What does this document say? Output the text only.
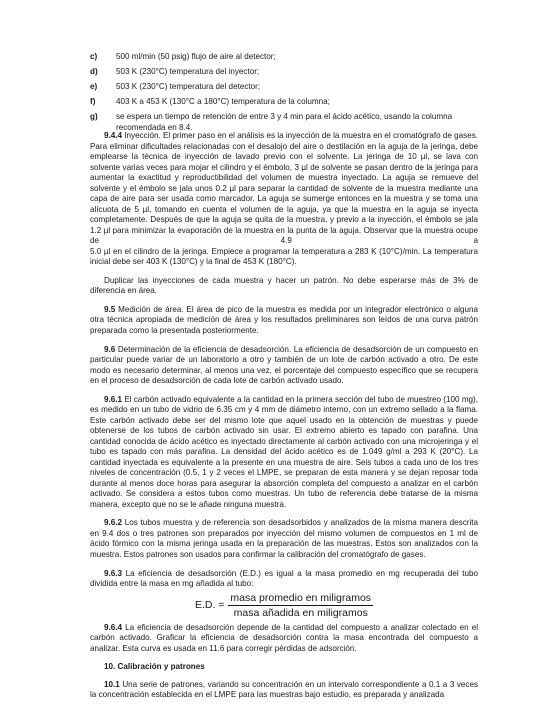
c)	500 ml/min (50 psig) flujo de aire al detector;
d)	503 K (230°C) temperatura del inyector;
e)	503 K (230°C) temperatura del detector;
f)	403 K a 453 K (130°C a 180°C) temperatura de la columna;
g)	se espera un tiempo de retención de entre 3 y 4 min para el ácido acético, usando la columna recomendada en 8.4.

9.4.4 Inyección. El primer paso en el análisis es la inyección de la muestra en el cromatógrafo de gases. Para eliminar dificultades relacionadas con el desalojo del aire o destilación en la aguja de la jeringa, debe emplearse la técnica de inyección de lavado previo con el solvente. La jeringa de 10 µl, se lava con solvente varias veces para mojar el cilindro y el émbolo, 3 µl de solvente se pasan dentro de la jeringa para aumentar la exactitud y reproductibilidad del volumen de muestra inyectado. La aguja se remueve del solvente y el émbolo se jala unos 0.2 µl para separar la cantidad de solvente de la muestra mediante una capa de aire para ser usada como marcador. La aguja se sumerge entonces en la muestra y se toma una alícuota de 5 µl, tomando en cuenta el volumen de la aguja, ya que la muestra en la aguja se inyecta completamente. Después de que la aguja se quita de la muestra, y previo a la inyección, el émbolo se jala 1.2 µl para minimizar la evaporación de la muestra en la punta de la aguja. Observar que la muestra ocupe de 4.9 a

5.0 µl en el cilindro de la jeringa. Empiece a programar la temperatura a 283 K (10°C)/min. La temperatura inicial debe ser 403 K (130°C) y la final de 453 K (180°C).

Duplicar las inyecciones de cada muestra y hacer un patrón. No debe esperarse más de 3% de diferencia en área.

9.5 Medición de área. El área de pico de la muestra es medida por un integrador electrónico o alguna otra técnica apropiada de medición de área y los resultados preliminares son leídos de una curva patrón preparada como la presentada posteriormente.

9.6 Determinación de la eficiencia de desadsorción. La eficiencia de desadsorción de un compuesto en particular puede variar de un laboratorio a otro y también de un lote de carbón activado a otro. De este modo es necesario determinar, al menos una vez, el porcentaje del compuesto específico que se recupera en el proceso de desadsorción de cada lote de carbón activado usado.

9.6.1 El carbón activado equivalente a la cantidad en la primera sección del tubo de muestreo (100 mg), es medido en un tubo de vidrio de 6.35 cm y 4 mm de diámetro interno, con un extremo sellado a la flama. Este carbón activado debe ser del mismo lote que aquel usado en la obtención de muestras y puede obtenerse de los tubos de carbón activado sin usar. El extremo abierto es tapado con parafina. Una cantidad conocida de ácido acético es inyectado directamente al carbón activado con una microjeringa y el tubo es tapado con más parafina. La densidad del ácido acético es de 1.049 g/ml a 293 K (20°C). La cantidad inyectada es equivalente a la presente en una muestra de aire. Seis tubos a cada uno de los tres niveles de concentración (0.5, 1 y 2 veces el LMPE, se preparan de esta manera y se dejan reposar toda durante al menos doce horas para asegurar la absorción completa del compuesto a analizar en el carbón activado. Se considera a estos tubos como muestras. Un tubo de referencia debe tratarse de la misma manera, excepto que no se le añade ninguna muestra.

9.6.2 Los tubos muestra y de referencia son desadsorbidos y analizados de la misma manera descrita en 9.4 dos o tres patrones son preparados por inyección del mismo volumen de compuestos en 1 ml de ácido fórmico con la misma jeringa usada en la preparación de las muestras. Estos son analizados con la muestra. Estos patrones son usados para confirmar la calibración del cromatógrafo de gases.

9.6.3 La eficiencia de desadsorción (E.D.) es igual a la masa promedio en mg recuperada del tubo dividida entre la masa en mg añadida al tubo:

E.D. = $\frac{\text{masa promedio en miligramos}}{\text{masa añadida en miligramos}}$

9.6.4 La eficiencia de desadsorción depende de la cantidad del compuesto a analizar colectado en el carbón activado. Graficar la eficiencia de desadsorción contra la masa encontrada del compuesto a analizar. Esta curva es usada en 11.6 para corregir pérdidas de adsorción.

10. Calibración y patrones

10.1 Una serie de patrones, variando su concentración en un intervalo correspondiente a 0.1 a 3 veces la concentración establecida en el LMPE para las muestras bajo estudio, es preparada y analizada
